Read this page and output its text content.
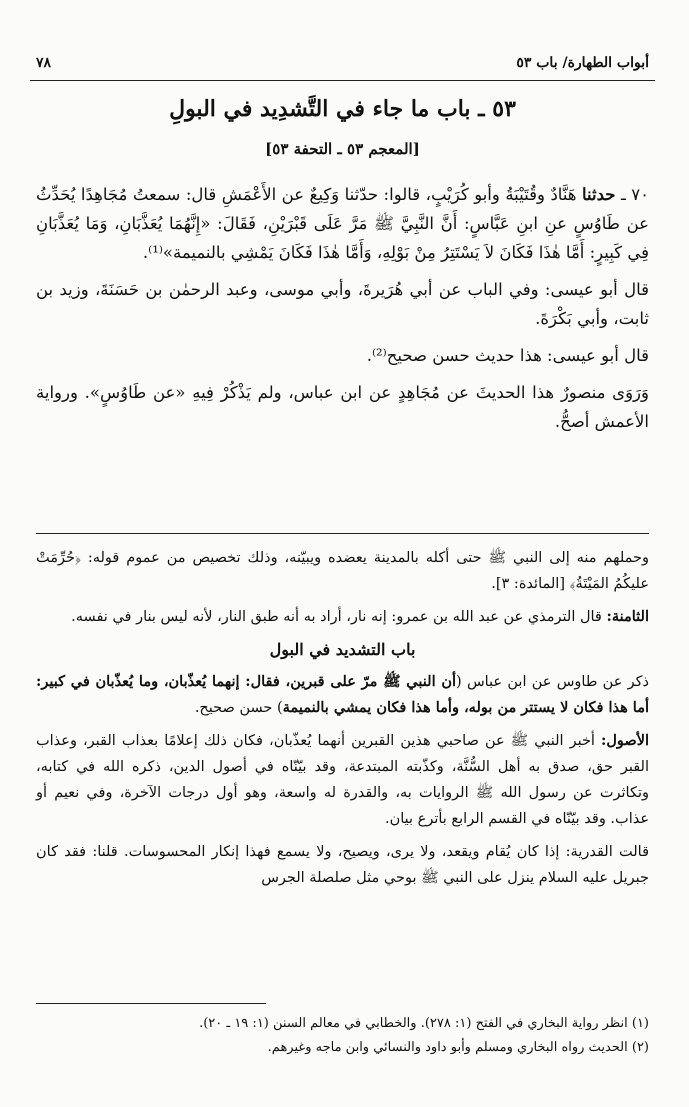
أبواب الطهارة/ باب ٥٣
٧٨
٥٣ ـ باب ما جاء في التَّشدِيد في البولِ
[المعجم ٥٣ ـ التحفة ٥٣]

٧٠ ـ حدثنا هَنَّادٌ وقُتَيْبَةُ وأبو كُرَيْبٍ، قالوا: حدّثنا وَكِيعٌ عن الأَعْمَشِ قال: سمعتُ مُجَاهِدًا يُحَدِّثُ عن طَاوُسٍ عنِ ابنِ عَبَّاسٍ: أَنَّ النَّبِيَّ ﷺ مَرَّ عَلَى قَبْرَيْنِ، فَقَالَ: «إِنَّهُمَا يُعَذَّبَانِ، وَمَا يُعَذَّبَانِ فِي كَبِيرٍ: أَمَّا هٰذَا فَكَانَ لاَ يَسْتَتِرُ مِنْ بَوْلِهِ، وَأَمَّا هٰذَا فَكَانَ يَمْشِي بالنميمة»⁽¹⁾.

قال أبو عيسى: وفي الباب عن أبي هُرَيرةَ، وأبي موسى، وعبد الرحمٰن بن حَسَنَةَ، وزيد بن ثابت، وأبي بَكْرَةَ.

قال أبو عيسى: هذا حديث حسن صحيح⁽²⁾.

وَرَوَى منصورٌ هذا الحديثَ عن مُجَاهِدٍ عن ابن عباس، ولم يَذْكُرْ فِيهِ «عن طَاوُسٍ». ورواية الأعمش أصحُّ.

وحملهم منه إلى النبي ﷺ حتى أكله بالمدينة يعضده ويبيّنه، وذلك تخصيص من عموم قوله: ﴿حُرِّمَتْ عليكُمُ المَيْتَةُ﴾ [المائدة: ٣].

الثامنة: قال الترمذي عن عبد الله بن عمرو: إنه نار، أراد به أنه طبق النار، لأنه ليس بنار في نفسه.

باب التشديد في البول

ذكر عن طاوس عن ابن عباس (أن النبي ﷺ مرّ على قبرين، فقال: إنهما يُعذّبان، وما يُعذّبان في كبير: أما هذا فكان لا يستتر من بوله، وأما هذا فكان يمشي بالنميمة) حسن صحيح.

الأصول: أخبر النبي ﷺ عن صاحبي هذين القبرين أنهما يُعذّبان، فكان ذلك إعلامًا بعذاب القبر، وعذاب القبر حق، صدق به أهل السُّنَّة، وكذّبته المبتدعة، وقد بيّنّاه في أصول الدين، ذكره الله في كتابه، وتكاثرت عن رسول الله ﷺ الروايات به، والقدرة له واسعة، وهو أول درجات الآخرة، وفي نعيم أو عذاب. وقد بيّنّاه في القسم الرابع بأترع بيان.

قالت القدرية: إذا كان يُقام ويقعد، ولا يرى، ويصيح، ولا يسمع فهذا إنكار المحسوسات. قلنا: فقد كان جبريل عليه السلام ينزل على النبي ﷺ بوحي مثل صلصلة الجرس

(١) انظر رواية البخاري في الفتح (١: ٢٧٨). والخطابي في معالم السنن (١: ١٩ ـ ٢٠).

(٢) الحديث رواه البخاري ومسلم وأبو داود والنسائي وابن ماجه وغيرهم.
